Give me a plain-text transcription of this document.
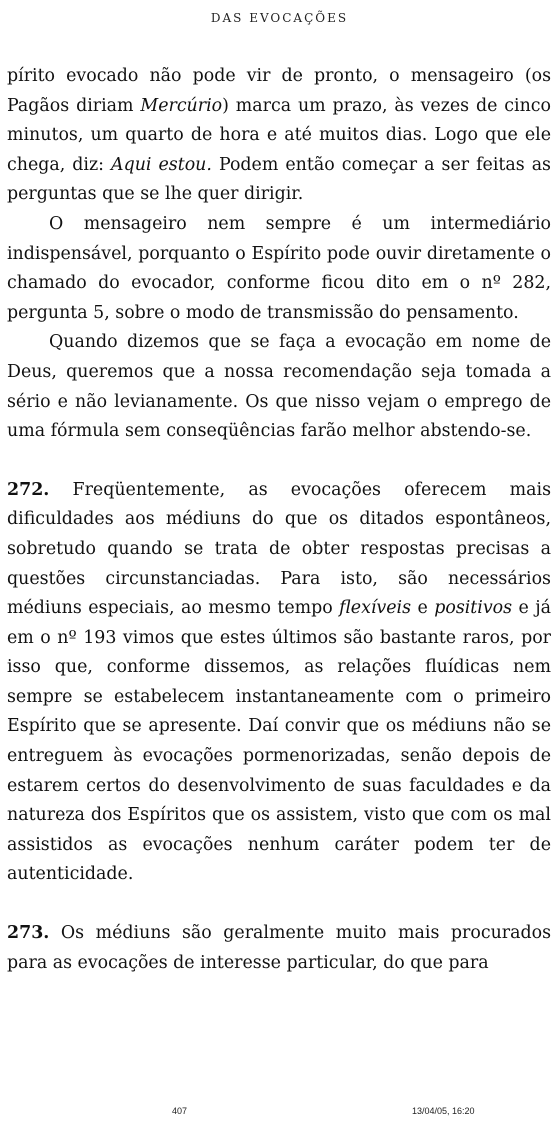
DAS EVOCAÇÕES

pírito evocado não pode vir de pronto, o mensageiro (os Pagãos diriam Mercúrio) marca um prazo, às vezes de cinco minutos, um quarto de hora e até muitos dias. Logo que ele chega, diz: Aqui estou. Podem então começar a ser feitas as perguntas que se lhe quer dirigir.

O mensageiro nem sempre é um intermediário indispensável, porquanto o Espírito pode ouvir diretamente o chamado do evocador, conforme ficou dito em o nº 282, pergunta 5, sobre o modo de transmissão do pensamento.

Quando dizemos que se faça a evocação em nome de Deus, queremos que a nossa recomendação seja tomada a sério e não levianamente. Os que nisso vejam o emprego de uma fórmula sem conseqüências farão melhor abstendo-se.

272. Freqüentemente, as evocações oferecem mais dificuldades aos médiuns do que os ditados espontâneos, sobretudo quando se trata de obter respostas precisas a questões circunstanciadas. Para isto, são necessários médiuns especiais, ao mesmo tempo flexíveis e positivos e já em o nº 193 vimos que estes últimos são bastante raros, por isso que, conforme dissemos, as relações fluídicas nem sempre se estabelecem instantaneamente com o primeiro Espírito que se apresente. Daí convir que os médiuns não se entreguem às evocações pormenorizadas, senão depois de estarem certos do desenvolvimento de suas faculdades e da natureza dos Espíritos que os assistem, visto que com os mal assistidos as evocações nenhum caráter podem ter de autenticidade.

273. Os médiuns são geralmente muito mais procurados para as evocações de interesse particular, do que para

407	13/04/05, 16:20
